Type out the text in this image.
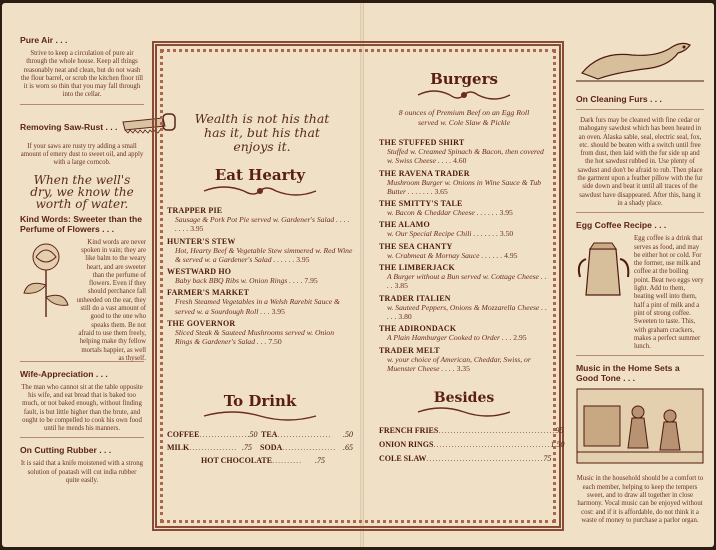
Pure Air . . .

Strive to keep a circulation of pure air through the whole house. Keep all things reasonably neat and clean, but do not wash the flour barrel, or scrub the kitchen floor till it is worn so thin that you may fall through into the cellar.

Removing Saw-Rust . . .

If your saws are rusty try adding a small amount of emery dust to sweet oil, and apply with a large corncob.

When the well's dry, we know the worth of water.
Kind Words: Sweeter than the Perfume of Flowers . . .

Kind words are never spoken in vain; they are like balm to the weary heart, and are sweeter than the perfume of flowers. Even if they should perchance fall unheeded on the ear, they still do a vast amount of good to the one who speaks them. Be not afraid to use them freely, helping make thy fellow mortals happier, as well as thyself.

Wife-Appreciation . . .

The man who cannot sit at the table opposite his wife, and eat bread that is baked too much, or not baked enough, without finding fault, is but little higher than the brute, and ought to be compelled to cook his own food until he mends his manners.

On Cutting Rubber . . .

It is said that a knife moistened with a strong solution of poatash will cut india rubber quite easily.

Wealth is not his that has it, but his that enjoys it.
Eat Hearty
TRAPPER PIE
Sausage & Pork Pot Pie served w. Gardener's Salad . . . . . . . . 3.95
HUNTER'S STEW
Hot, Hearty Beef & Vegetable Stew simmered w. Red Wine & served w. a Gardener's Salad . . . . . . 3.95
WESTWARD HO
Baby back BBQ Ribs w. Onion Rings . . . . 7.95
FARMER'S MARKET
Fresh Steamed Vegetables in a Welsh Rarebit Sauce & served w. a Sourdough Roll . . . 3.95
THE GOVERNOR
Sliced Steak & Sauteed Mushrooms served w. Onion Rings & Gardener's Salad . . . 7.50
To Drink
COFFEE ................ .50 TEA ..................	.50
MILK ................ .75 SODA .................. .65
HOT CHOCOLATE ..........	.75
Burgers
8 ounces of Premium Beef on an Egg Roll served w. Cole Slaw & Pickle
THE STUFFED SHIRT
Stuffed w. Creamed Spinach & Bacon, then covered w. Swiss Cheese . . . . 4.60
THE RAVENA TRADER
Mushroom Burger w. Onions in Wine Sauce & Tub Butter . . . . . . . 3.65
THE SMITTY'S TALE
w. Bacon & Cheddar Cheese . . . . . . 3.95
THE ALAMO
w. Our Special Recipe Chili . . . . . . . 3.50
THE SEA CHANTY
w. Crabmeat & Mornay Sauce . . . . . . 4.95
THE LIMBERJACK
A Burger without a Bun served w. Cottage Cheese . . . . 3.85
TRADER ITALIEN
w. Sauteed Peppers, Onions & Mozzarella Cheese . . . . . 3.80
THE ADIRONDACK
A Plain Hamburger Cooked to Order . . . 2.95
TRADER MELT
w. your choice of American, Cheddar, Swiss, or Muenster Cheese . . . . 3.35
Besides
FRENCH FRIES ....................................... 95
ONION RINGS ....................................... 1.50
COLE SLAW ....................................... 75
On Cleaning Furs . . .

Dark furs may be cleaned with fine cedar or mahogany sawdust which has been heated in an oven. Alaska sable, seal, electric seal, fox, etc. should be beaten with a switch until free from dust, then laid with the fur side up and the hot sawdust rubbed in. Use plenty of sawdust and don't be afraid to rub. Then place the garment upon a feather pillow with the fur side down and beat it until all traces of the sawdust have disappeared. After this, hang it in a shady place.

Egg Coffee Recipe . . .

Egg coffee is a drink that serves as food, and may be either hot or cold. For the former, use milk and coffee at the boiling point. Beat two eggs very light. Add to them, beating well into them, half a pint of milk and a pint of strong coffee. Sweeten to taste. This, with graham crackers, makes a perfect summer lunch.

Music in the Home Sets a Good Tone . . .

Music in the household should be a comfort to each member, helping to keep the tempers sweet, and to draw all together in close harmony. Vocal music can be enjoyed without cost: and if it is affordable, do not think it a waste of money to purchase a parlor organ.
